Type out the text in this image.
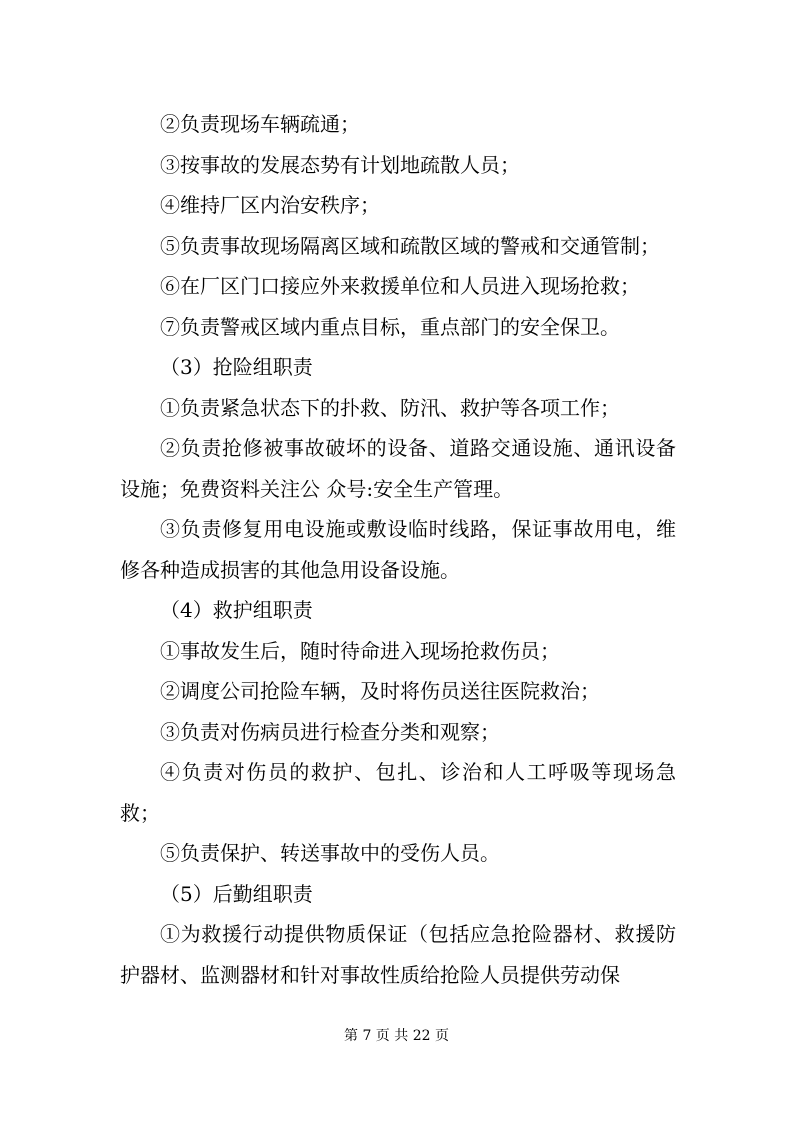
②负责现场车辆疏通；

③按事故的发展态势有计划地疏散人员；

④维持厂区内治安秩序；

⑤负责事故现场隔离区域和疏散区域的警戒和交通管制；

⑥在厂区门口接应外来救援单位和人员进入现场抢救；

⑦负责警戒区域内重点目标，重点部门的安全保卫。

（3）抢险组职责

①负责紧急状态下的扑救、防汛、救护等各项工作；

②负责抢修被事故破坏的设备、道路交通设施、通讯设备设施；免费资料关注公 众号:安全生产管理。

③负责修复用电设施或敷设临时线路，保证事故用电，维修各种造成损害的其他急用设备设施。

（4）救护组职责

①事故发生后，随时待命进入现场抢救伤员；

②调度公司抢险车辆，及时将伤员送往医院救治；

③负责对伤病员进行检查分类和观察；

④负责对伤员的救护、包扎、诊治和人工呼吸等现场急救；

⑤负责保护、转送事故中的受伤人员。

（5）后勤组职责

①为救援行动提供物质保证（包括应急抢险器材、救援防护器材、监测器材和针对事故性质给抢险人员提供劳动保

第 7 页 共 22 页
